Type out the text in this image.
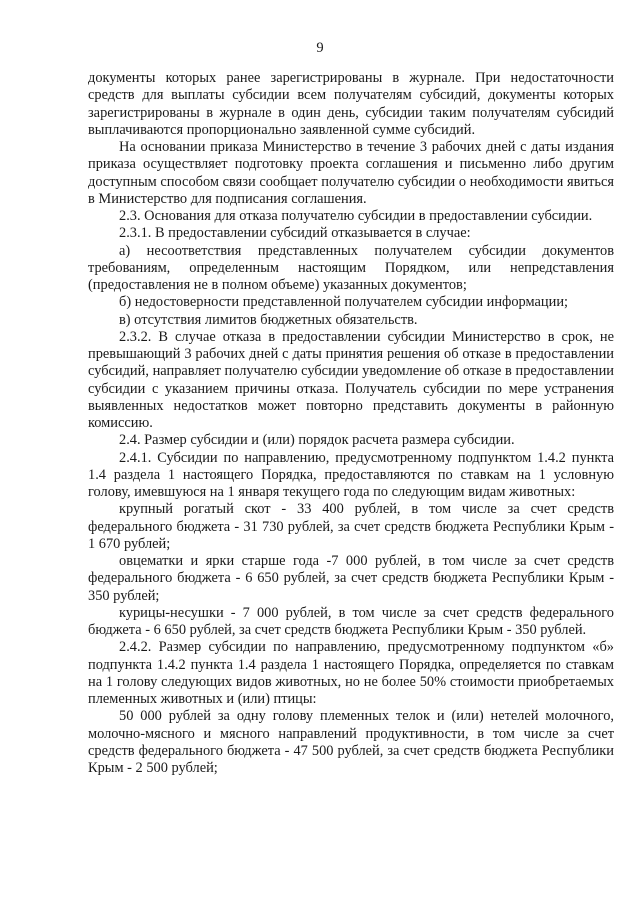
9

документы которых ранее зарегистрированы в журнале. При недостаточности средств для выплаты субсидии всем получателям субсидий, документы которых зарегистрированы в журнале в один день, субсидии таким получателям субсидий выплачиваются пропорционально заявленной сумме субсидий.

На основании приказа Министерство в течение 3 рабочих дней с даты издания приказа осуществляет подготовку проекта соглашения и письменно либо другим доступным способом связи сообщает получателю субсидии о необходимости явиться в Министерство для подписания соглашения.

2.3. Основания для отказа получателю субсидии в предоставлении субсидии.

2.3.1. В предоставлении субсидий отказывается в случае:

а) несоответствия представленных получателем субсидии документов требованиям, определенным настоящим Порядком, или непредставления (предоставления не в полном объеме) указанных документов;

б) недостоверности представленной получателем субсидии информации;

в) отсутствия лимитов бюджетных обязательств.

2.3.2. В случае отказа в предоставлении субсидии Министерство в срок, не превышающий 3 рабочих дней с даты принятия решения об отказе в предоставлении субсидий, направляет получателю субсидии уведомление об отказе в предоставлении субсидии с указанием причины отказа. Получатель субсидии по мере устранения выявленных недостатков может повторно представить документы в районную комиссию.

2.4. Размер субсидии и (или) порядок расчета размера субсидии.

2.4.1. Субсидии по направлению, предусмотренному подпунктом 1.4.2 пункта 1.4 раздела 1 настоящего Порядка, предоставляются по ставкам на 1 условную голову, имевшуюся на 1 января текущего года по следующим видам животных:

крупный рогатый скот - 33 400 рублей, в том числе за счет средств федерального бюджета - 31 730 рублей, за счет средств бюджета Республики Крым - 1 670 рублей;

овцематки и ярки старше года -7 000 рублей, в том числе за счет средств федерального бюджета - 6 650 рублей, за счет средств бюджета Республики Крым - 350 рублей;

курицы-несушки - 7 000 рублей, в том числе за счет средств федерального бюджета - 6 650 рублей, за счет средств бюджета Республики Крым - 350 рублей.

2.4.2. Размер субсидии по направлению, предусмотренному подпунктом «б» подпункта 1.4.2 пункта 1.4 раздела 1 настоящего Порядка, определяется по ставкам на 1 голову следующих видов животных, но не более 50% стоимости приобретаемых племенных животных и (или) птицы:

50 000 рублей за одну голову племенных телок и (или) нетелей молочного, молочно-мясного и мясного направлений продуктивности, в том числе за счет средств федерального бюджета - 47 500 рублей, за счет средств бюджета Республики Крым - 2 500 рублей;
